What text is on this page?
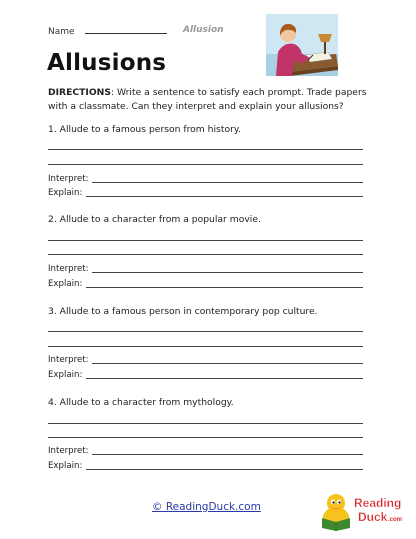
Name	Allusion
Allusions
DIRECTIONS: Write a sentence to satisfy each prompt. Trade papers with a classmate. Can they interpret and explain your allusions?
1. Allude to a famous person from history.
Interpret:
Explain:
2. Allude to a character from a popular movie.
Interpret:
Explain:
3. Allude to a famous person in contemporary pop culture.
Interpret:
Explain:
4. Allude to a character from mythology.
Interpret:
Explain:
© ReadingDuck.com	Reading
Duck .com
